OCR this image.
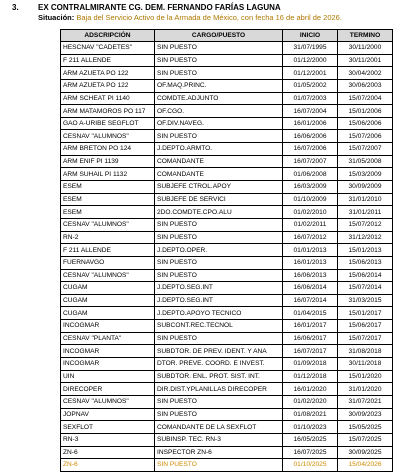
3. EX CONTRALMIRANTE CG. DEM. FERNANDO FARÍAS LAGUNA
Situación: Baja del Servicio Activo de la Armada de México, con fecha 16 de abril de 2026.
ADSCRIPCIÓN	CARGO/PUESTO	INICIO	TERMINO
HESCNAV "CADETES"	SIN PUESTO	31/07/1995	30/11/2000
F 211 ALLENDE	SIN PUESTO	01/12/2000	30/11/2001
ARM AZUETA PO 122	SIN PUESTO	01/12/2001	30/04/2002
ARM AZUETA PO 122	OF.MAQ.PRINC.	01/05/2002	30/06/2003
ARM SCHEAT PI 1140	COMDTE.ADJUNTO	01/07/2003	15/07/2004
ARM MATAMOROS PO 117	OF.CGO.	16/07/2004	15/01/2006
GAO A-URIBE SEGFLOT	OF.DIV.NAVEG.	16/01/2006	15/06/2006
CESNAV "ALUMNOS"	SIN PUESTO	16/06/2006	15/07/2006
ARM BRETON PO 124	J.DEPTO.ARMTO.	16/07/2006	15/07/2007
ARM ENIF PI 1139	COMANDANTE	16/07/2007	31/05/2008
ARM SUHAIL PI 1132	COMANDANTE	01/06/2008	15/03/2009
ESEM	SUBJEFE CTROL.APOY	16/03/2009	30/09/2009
ESEM	SUBJEFE DE SERVICI	01/10/2009	31/01/2010
ESEM	2DO.COMDTE.CPO.ALU	01/02/2010	31/01/2011
CESNAV "ALUMNOS"	SIN PUESTO	01/02/2011	15/07/2012
RN-2	SIN PUESTO	16/07/2012	31/12/2012
F 211 ALLENDE	J.DEPTO.OPER.	01/01/2013	15/01/2013
FUERNAVGO	SIN PUESTO	16/01/2013	15/06/2013
CESNAV "ALUMNOS"	SIN PUESTO	16/06/2013	15/06/2014
CUGAM	J.DEPTO.SEG.INT	16/06/2014	15/07/2014
CUGAM	J.DEPTO.SEG.INT	16/07/2014	31/03/2015
CUGAM	J.DEPTO.APOYO TECNICO	01/04/2015	15/01/2017
INCOGMAR	SUBCONT.REC.TECNOL	16/01/2017	15/06/2017
CESNAV "PLANTA"	SIN PUESTO	16/06/2017	15/07/2017
INCOGMAR	SUBDTOR. DE PREV. IDENT. Y ANA	16/07/2017	31/08/2018
INCOGMAR	DTOR. PREVE. COORD. E INVEST.	01/09/2018	30/11/2018
UIN	SUBDTOR. ENL. PROT. SIST. INT.	01/12/2018	15/01/2020
DIRECOPER	DIR.DIST.YPLANILLAS DIRECOPER	16/01/2020	31/01/2020
CESNAV "ALUMNOS"	SIN PUESTO	01/02/2020	31/07/2021
JOPNAV	SIN PUESTO	01/08/2021	30/09/2023
SEXFLOT	COMANDANTE DE LA SEXFLOT	01/10/2023	15/05/2025
RN-3	SUBINSP. TEC. RN-3	16/05/2025	15/07/2025
ZN-6	INSPECTOR ZN-6	16/07/2025	30/09/2025
ZN-6	SIN PUESTO	01/10/2025	15/04/2026
